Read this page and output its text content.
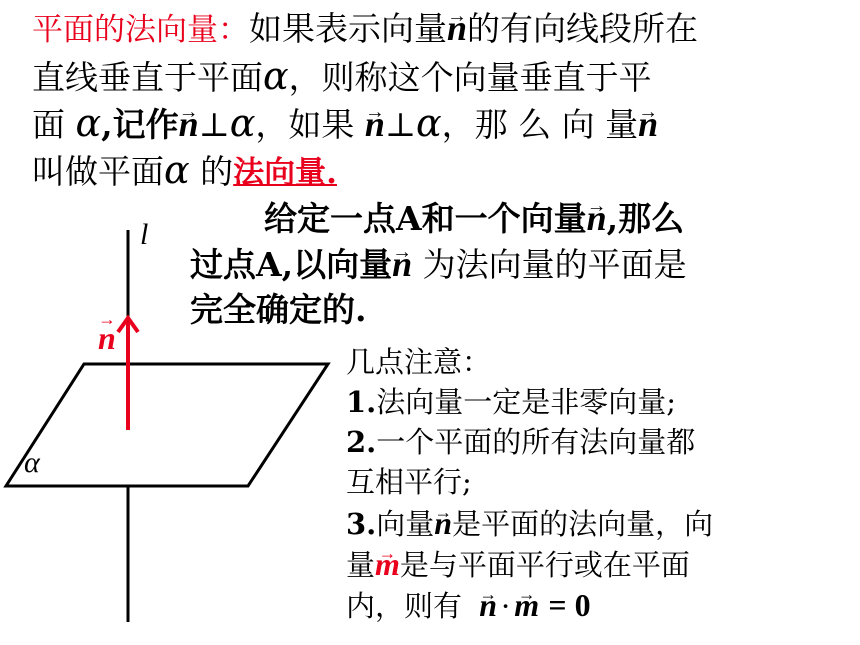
平面的法向量：如果表示向量→ n的有向线段所在
直线垂直于平面α，则称这个向量垂直于平
面 α,记作→ n⊥α，如果 → n⊥α，那 么 向 量→ n
叫做平面α 的法向量.
给定一点A和一个向量→ n,那么
过点A,以向量→ n 为法向量的平面是
完全确定的.
l
→ n
α
几点注意：
1.法向量一定是非零向量;
2.一个平面的所有法向量都
互相平行;
3.向量→ n是平面的法向量，向
量→ m是与平面平行或在平面
内，则有 → n · → m = 0
